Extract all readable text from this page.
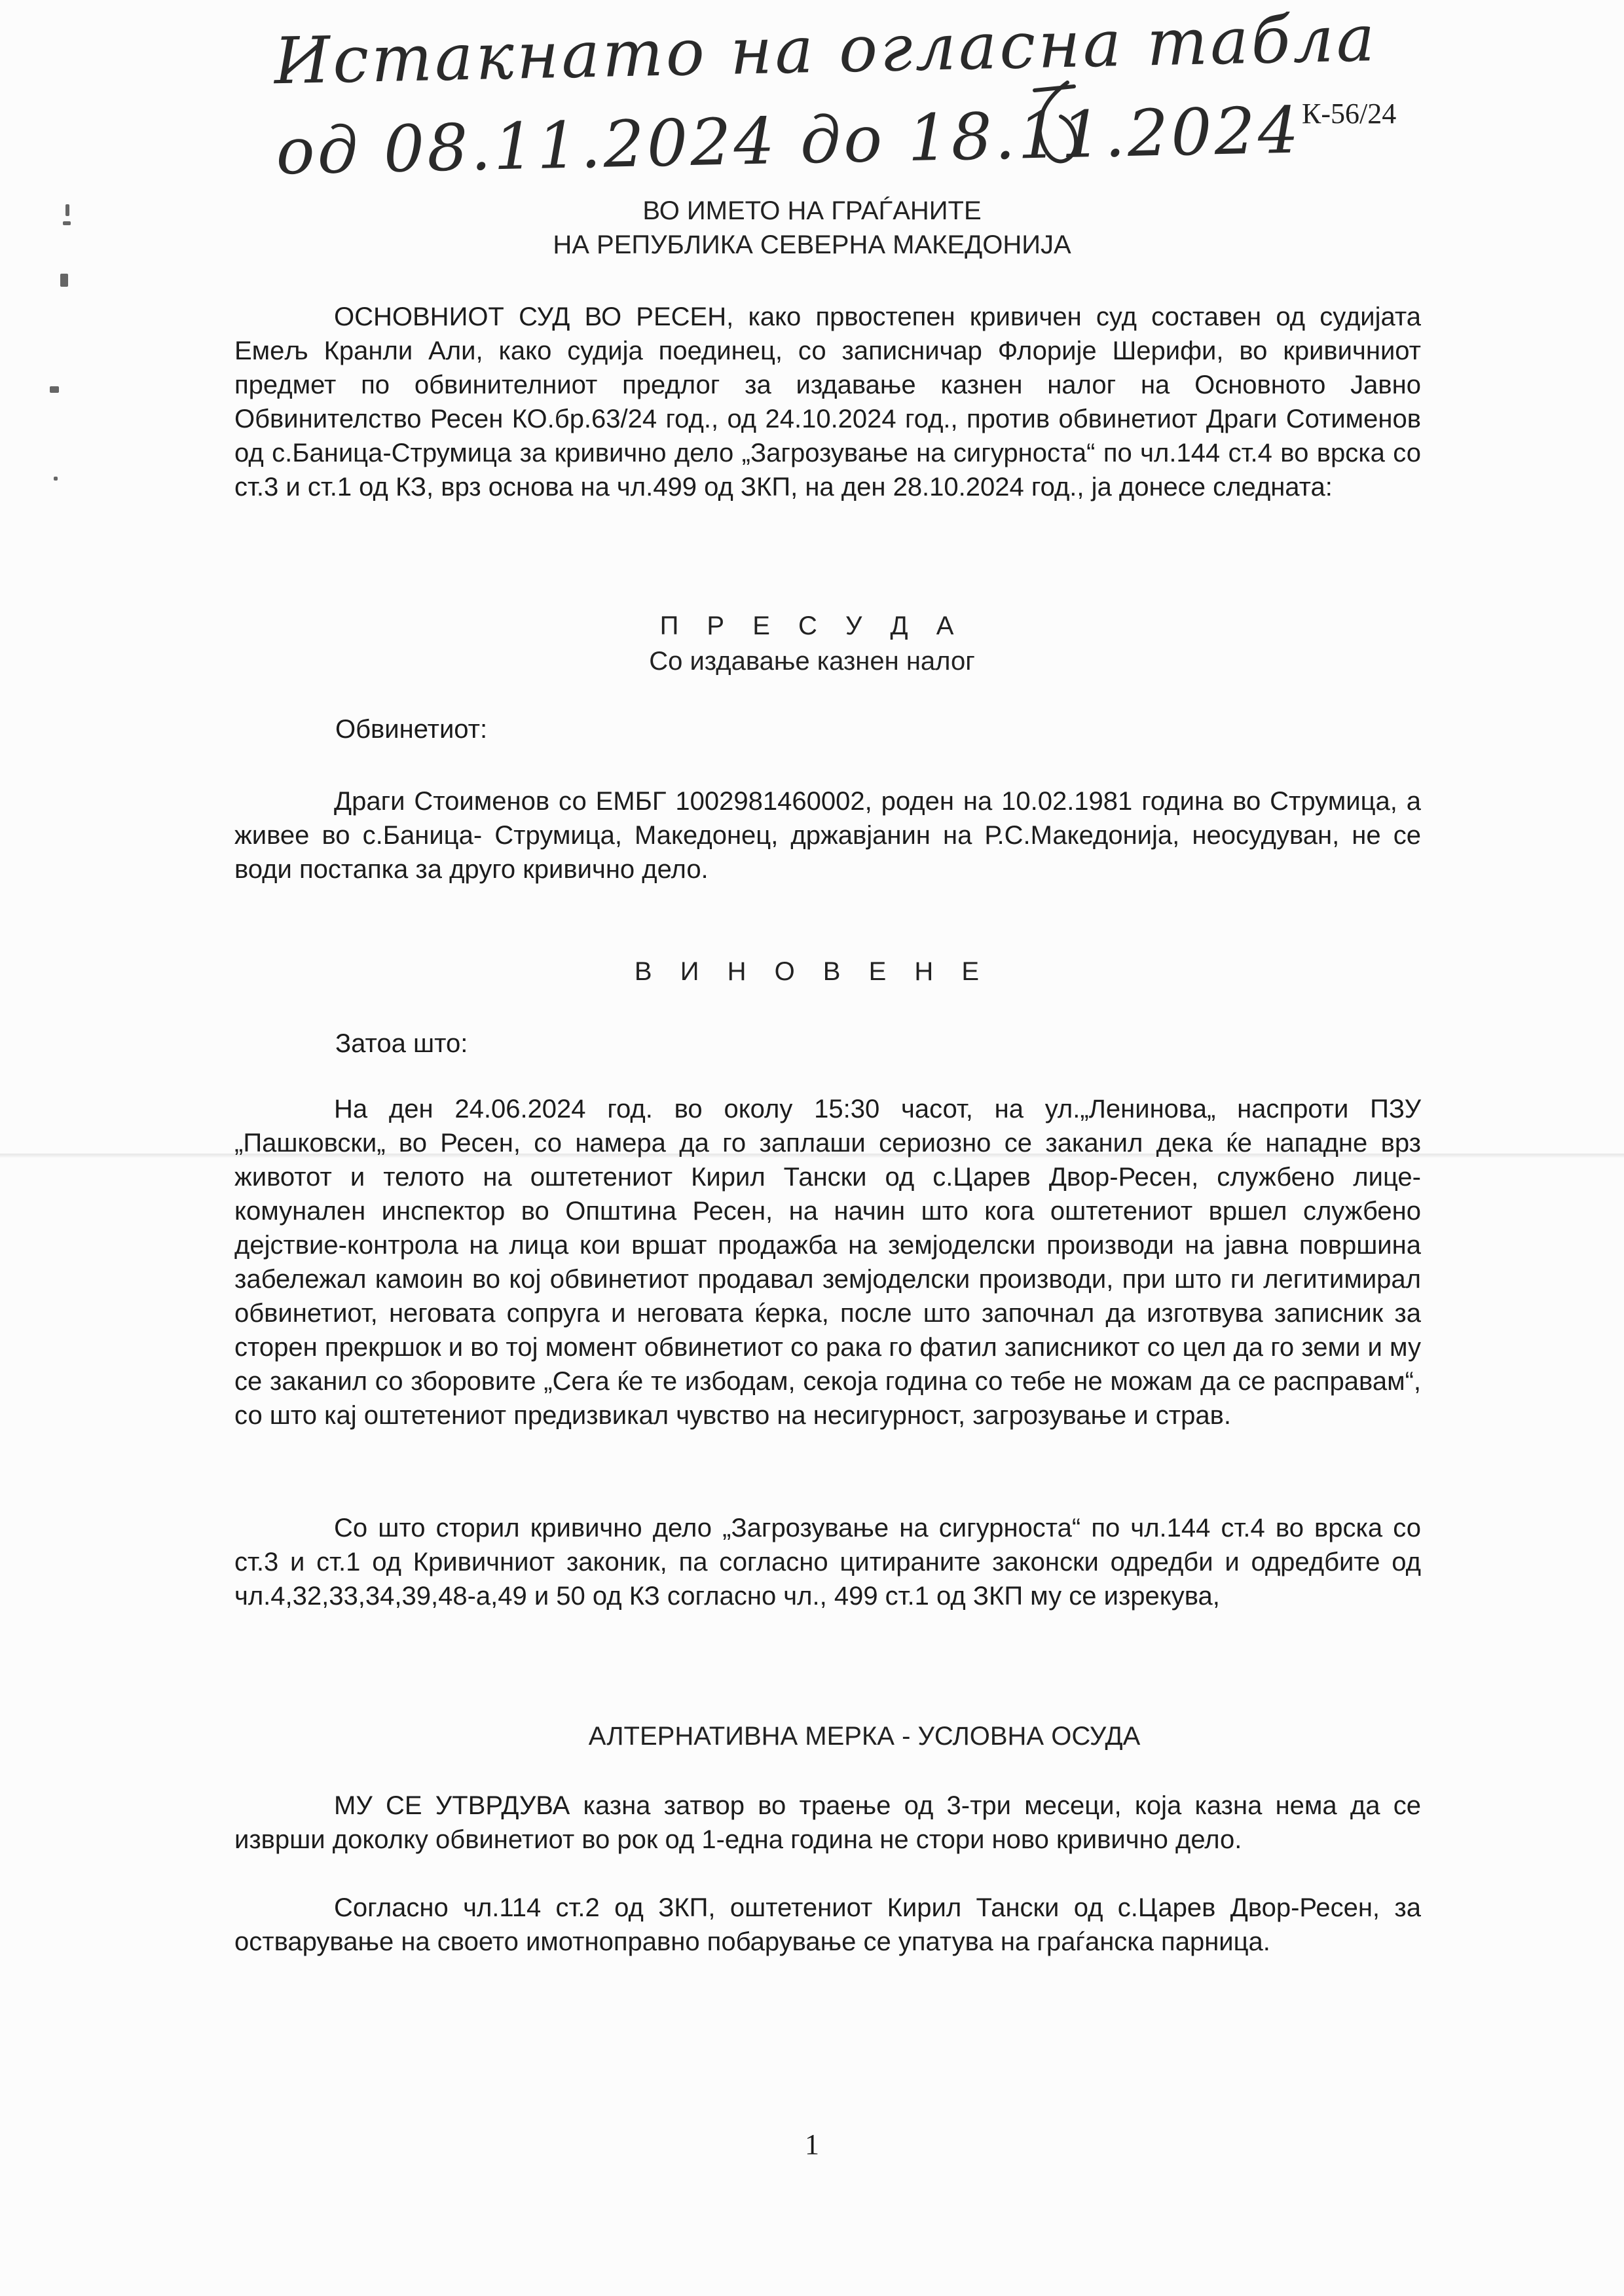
Истакнато на огласна табла
од 08.11.2024 до 18.11.2024 К-56/24
ВО ИМЕТО НА ГРАЃАНИТЕ
НА РЕПУБЛИКА СЕВЕРНА МАКЕДОНИЈА
ОСНОВНИОТ СУД ВО РЕСЕН, како првостепен кривичен суд составен од судијата Емељ Кранли Али, како судија поединец, со записничар Флорије Шерифи, во кривичниот предмет по обвинителниот предлог за издавање казнен налог на Основното Јавно Обвинителство Ресен КО.бр.63/24 год., од 24.10.2024 год., против обвинетиот Драги Сотименов од с.Баница-Струмица за кривично дело „Загрозување на сигурноста“ по чл.144 ст.4 во врска со ст.3 и ст.1 од КЗ, врз основа на чл.499 од ЗКП, на ден 28.10.2024 год., ја донесе следната:
П Р Е С У Д А
Со издавање казнен налог
Обвинетиот:
Драги Стоименов со ЕМБГ 1002981460002, роден на 10.02.1981 година во Струмица, а живее во с.Баница- Струмица, Македонец, државјанин на Р.С.Македонија, неосудуван, не се води постапка за друго кривично дело.
В И Н О В Е Н Е
Затоа што:
На ден 24.06.2024 год. во околу 15:30 часот, на ул.„Ленинова„ наспроти ПЗУ „Пашковски„ во Ресен, со намера да го заплаши сериозно се заканил дека ќе нападне врз животот и телото на оштетениот Кирил Тански од с.Царев Двор-Ресен, службено лице-комунален инспектор во Општина Ресен, на начин што кога оштетениот вршел службено дејствие-контрола на лица кои вршат продажба на земјоделски производи на јавна површина забележал камоин во кој обвинетиот продавал земјоделски производи, при што ги легитимирал обвинетиот, неговата сопруга и неговата ќерка, после што започнал да изготвува записник за сторен прекршок и во тој момент обвинетиот со рака го фатил записникот со цел да го земи и му се заканил со зборовите „Сега ќе те избодам, секоја година со тебе не можам да се расправам“, со што кај оштетениот предизвикал чувство на несигурност, загрозување и страв.
Со што сторил кривично дело „Загрозување на сигурноста“ по чл.144 ст.4 во врска со ст.3 и ст.1 од Кривичниот законик, па согласно цитираните законски одредби и одредбите од чл.4,32,33,34,39,48-а,49 и 50 од КЗ согласно чл., 499 ст.1 од ЗКП му се изрекува,
АЛТЕРНАТИВНА МЕРКА - УСЛОВНА ОСУДА
МУ СЕ УТВРДУВА казна затвор во траење од 3-три месеци, која казна нема да се изврши доколку обвинетиот во рок од 1-една година не стори ново кривично дело.
Согласно чл.114 ст.2 од ЗКП, оштетениот Кирил Тански од с.Царев Двор-Ресен, за остварување на своето имотноправно побарување се упатува на граѓанска парница.
1
